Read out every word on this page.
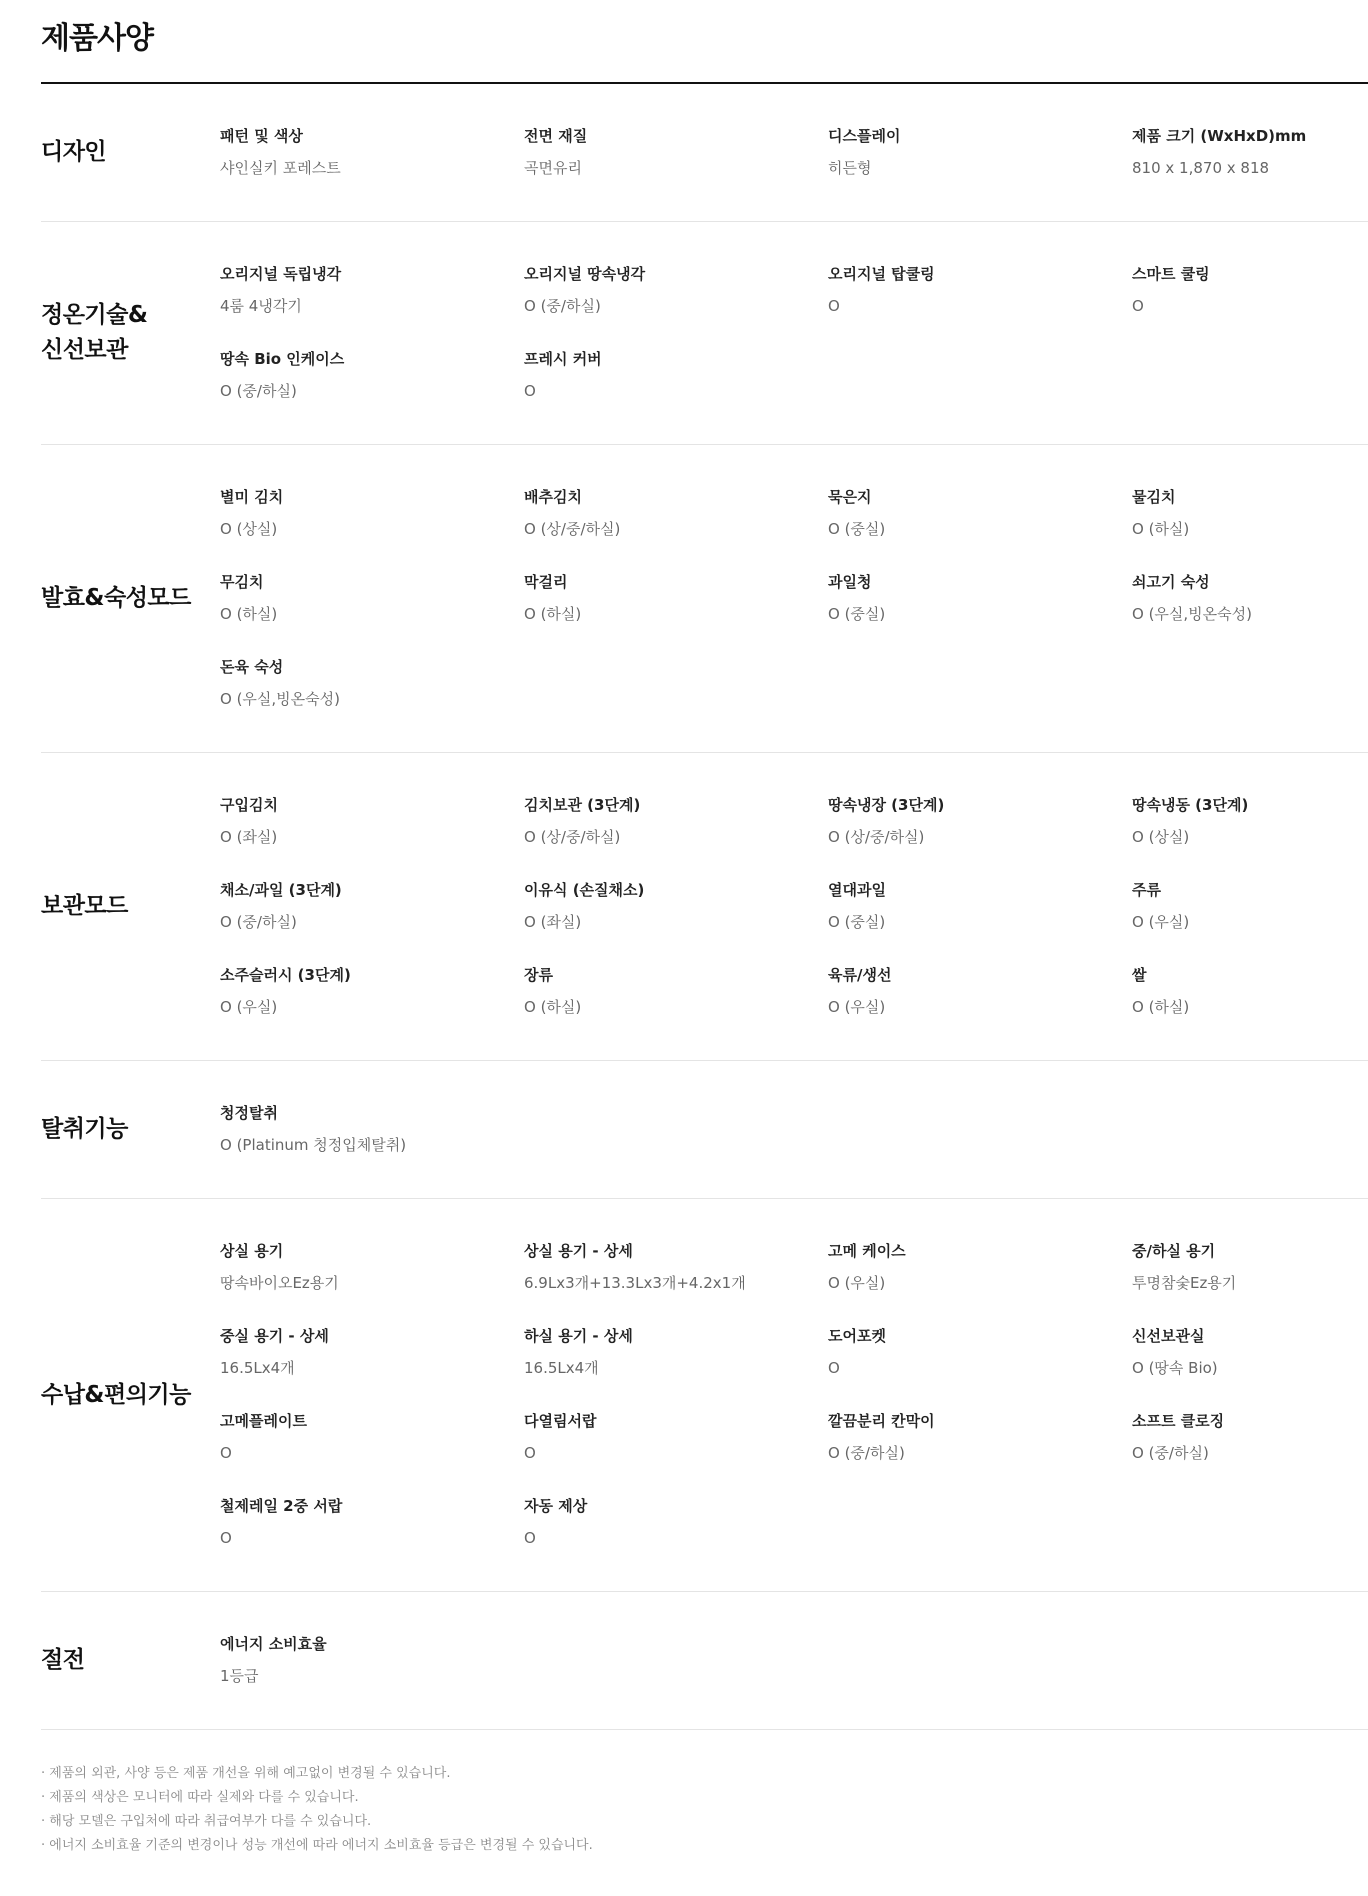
제품사양
디자인
패턴 및 색상
샤인실키 포레스트
전면 재질
곡면유리
디스플레이
히든형
제품 크기 (WxHxD)mm
810 x 1,870 x 818
정온기술&
신선보관
오리지널 독립냉각
4룸 4냉각기
오리지널 땅속냉각
O (중/하실)
오리지널 탑쿨링
O
스마트 쿨링
O
땅속 Bio 인케이스
O (중/하실)
프레시 커버
O
발효&숙성모드
별미 김치
O (상실)
배추김치
O (상/중/하실)
묵은지
O (중실)
물김치
O (하실)
무김치
O (하실)
막걸리
O (하실)
과일청
O (중실)
쇠고기 숙성
O (우실,빙온숙성)
돈육 숙성
O (우실,빙온숙성)
보관모드
구입김치
O (좌실)
김치보관 (3단계)
O (상/중/하실)
땅속냉장 (3단계)
O (상/중/하실)
땅속냉동 (3단계)
O (상실)
채소/과일 (3단계)
O (중/하실)
이유식 (손질채소)
O (좌실)
열대과일
O (중실)
주류
O (우실)
소주슬러시 (3단계)
O (우실)
장류
O (하실)
육류/생선
O (우실)
쌀
O (하실)
탈취기능
청정탈취
O (Platinum 청정입체탈취)
수납&편의기능
상실 용기
땅속바이오Ez용기
상실 용기 - 상세
6.9Lx3개+13.3Lx3개+4.2x1개
고메 케이스
O (우실)
중/하실 용기
투명참숯Ez용기
중실 용기 - 상세
16.5Lx4개
하실 용기 - 상세
16.5Lx4개
도어포켓
O
신선보관실
O (땅속 Bio)
고메플레이트
O
다열림서랍
O
깔끔분리 칸막이
O (중/하실)
소프트 클로징
O (중/하실)
철제레일 2중 서랍
O
자동 제상
O
절전
에너지 소비효율
1등급
· 제품의 외관, 사양 등은 제품 개선을 위해 예고없이 변경될 수 있습니다.
· 제품의 색상은 모니터에 따라 실제와 다를 수 있습니다.
· 해당 모델은 구입처에 따라 취급여부가 다를 수 있습니다.
· 에너지 소비효율 기준의 변경이나 성능 개선에 따라 에너지 소비효율 등급은 변경될 수 있습니다.
